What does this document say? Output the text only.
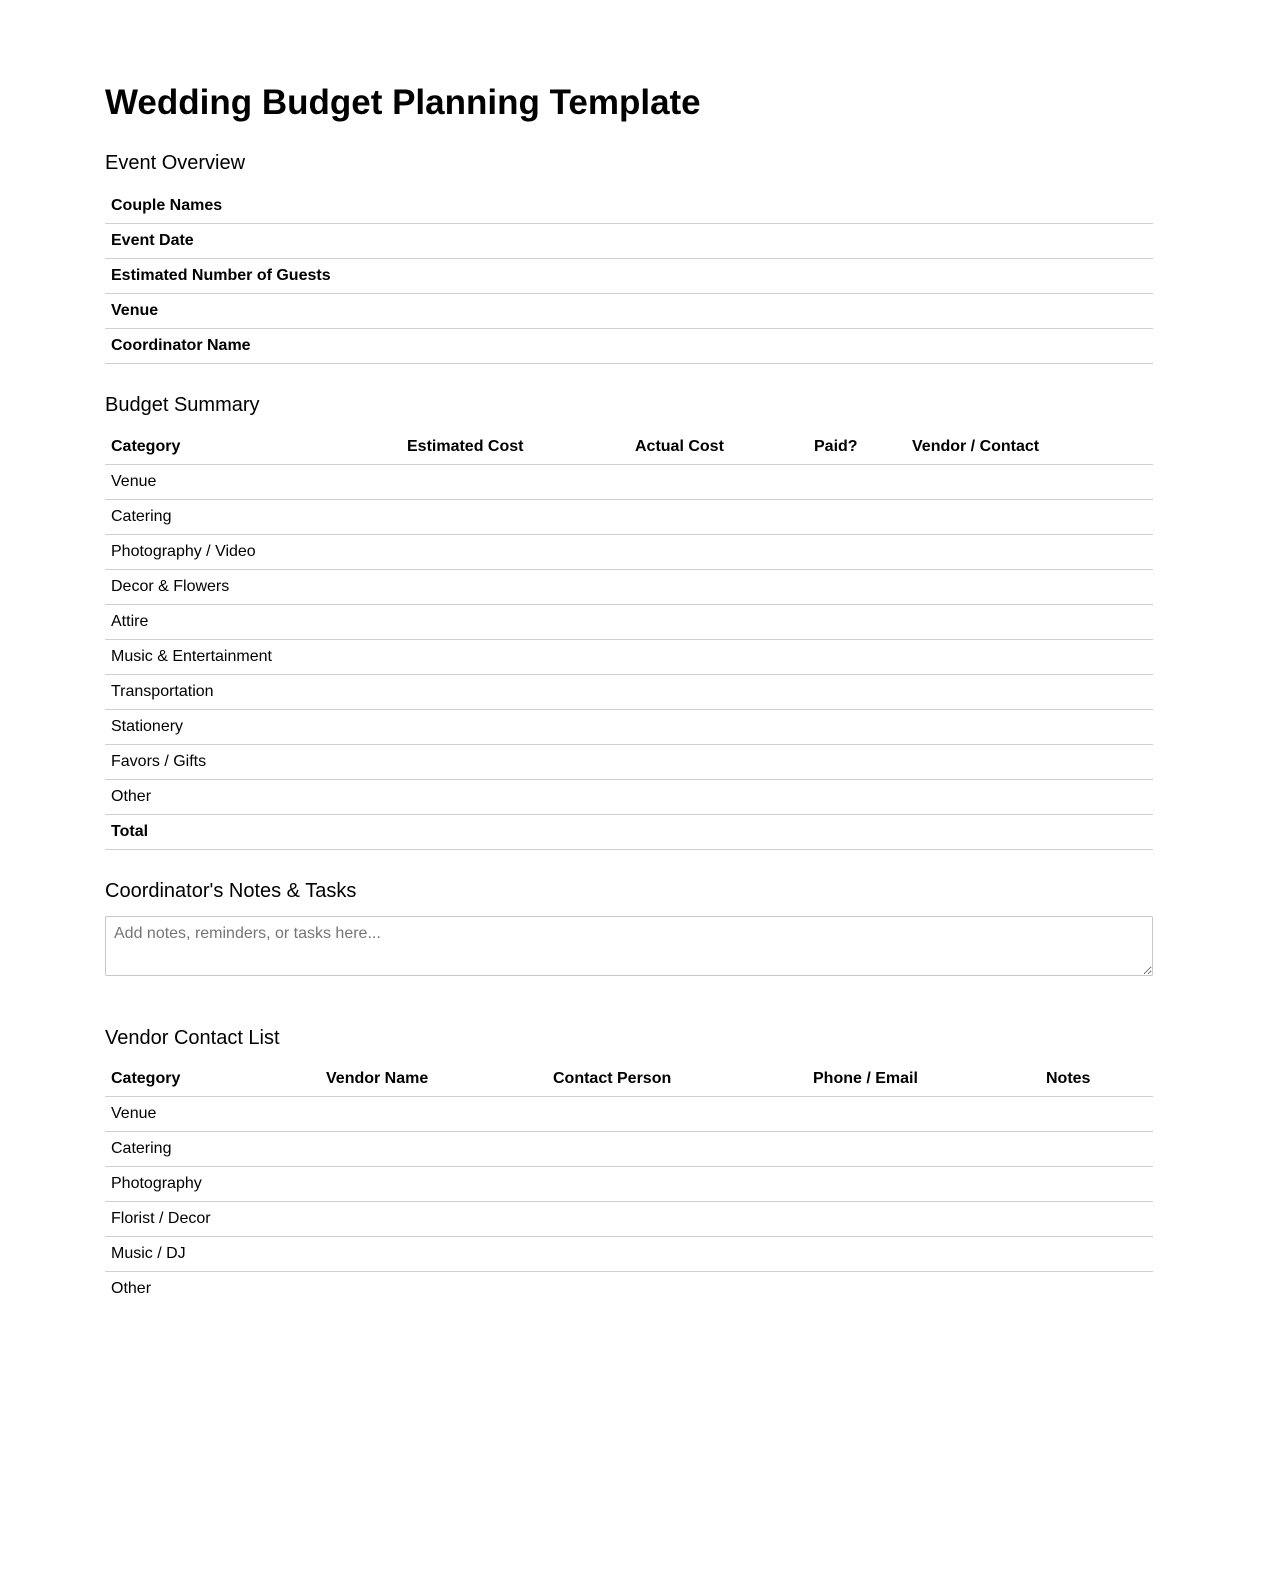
Wedding Budget Planning Template
Event Overview
Couple Names	
Event Date	
Estimated Number of Guests	
Venue	
Coordinator Name	
Budget Summary
Category	Estimated Cost	Actual Cost	Paid?	Vendor / Contact
Venue				
Catering				
Photography / Video				
Decor & Flowers				
Attire				
Music & Entertainment				
Transportation				
Stationery				
Favors / Gifts				
Other				
Total				
Coordinator's Notes & Tasks
Add notes, reminders, or tasks here...
Vendor Contact List
Category	Vendor Name	Contact Person	Phone / Email	Notes
Venue				
Catering				
Photography				
Florist / Decor				
Music / DJ				
Other				
